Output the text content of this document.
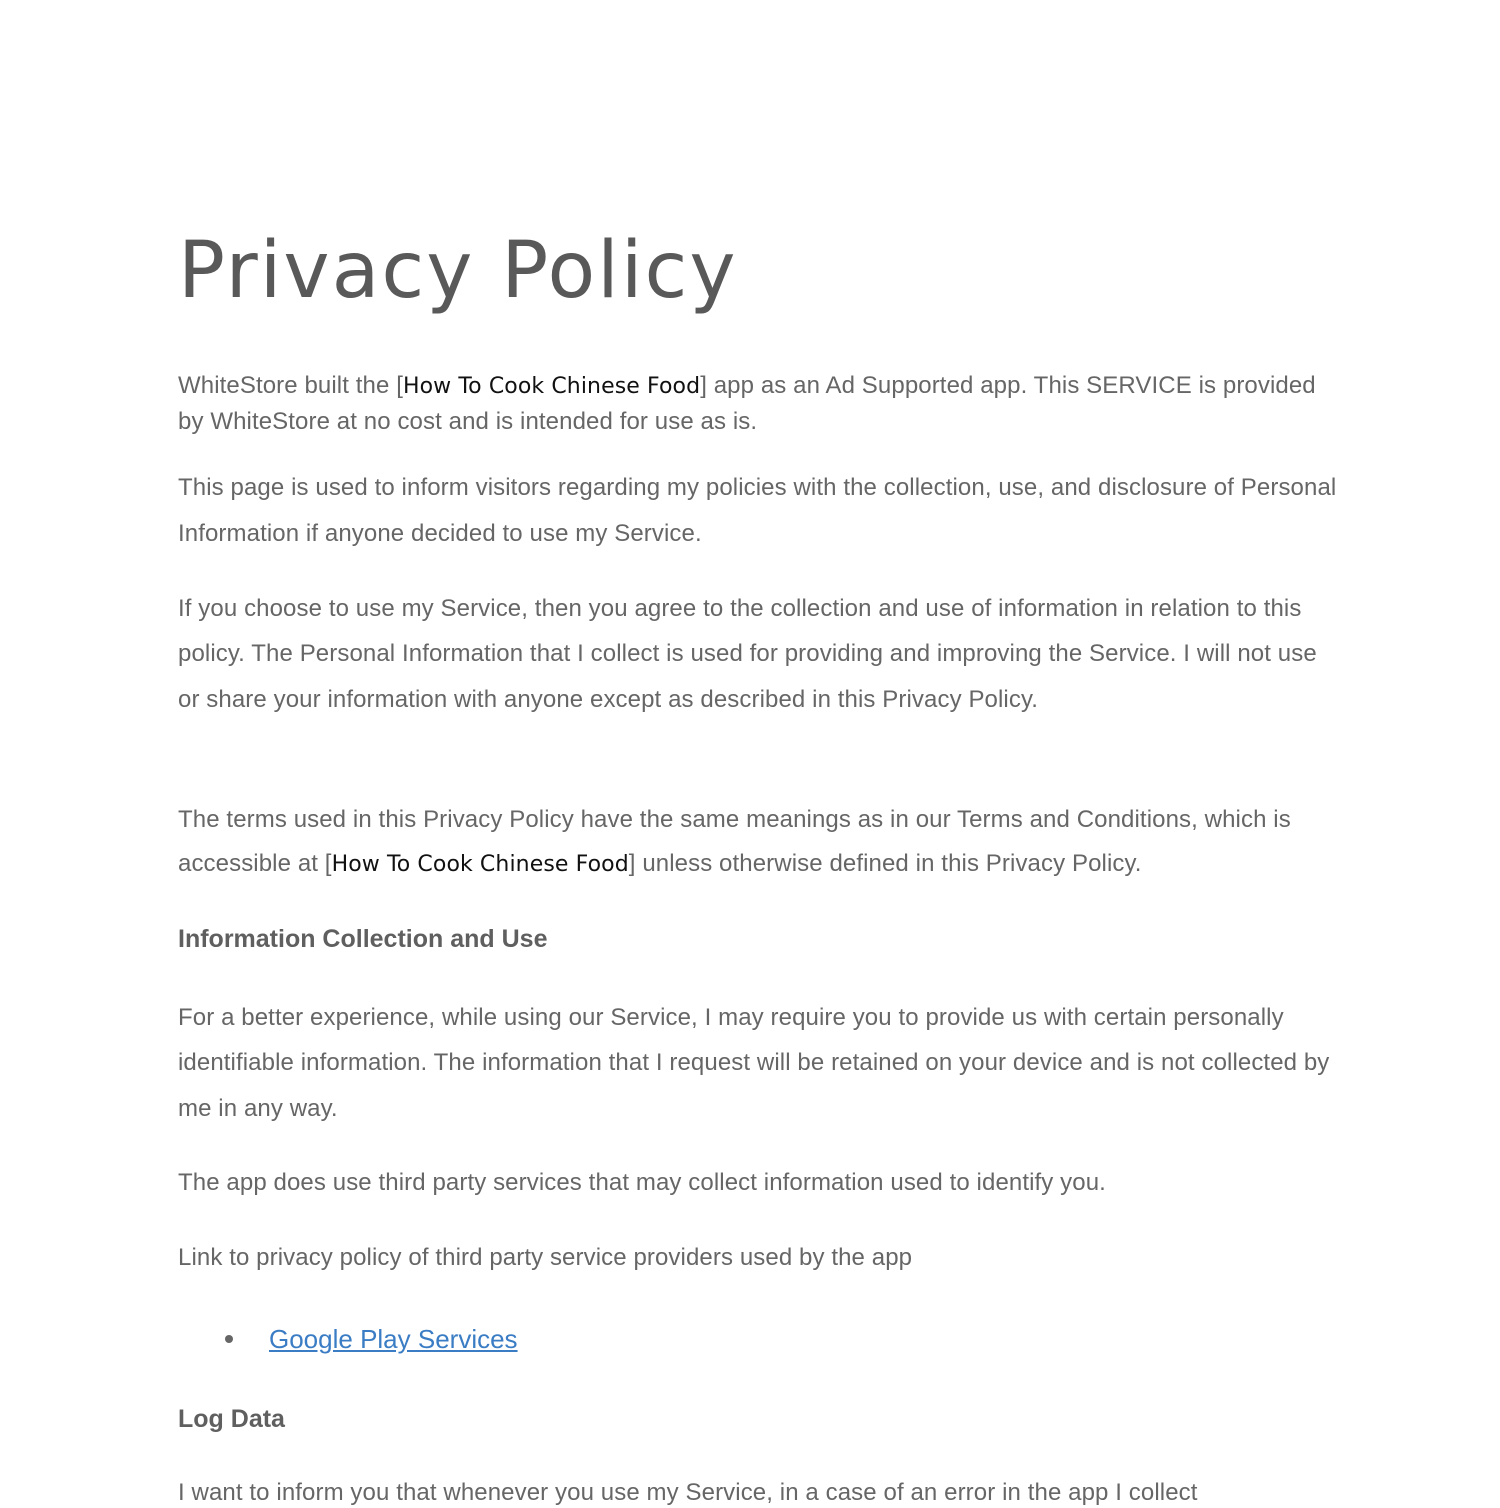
Privacy Policy

WhiteStore built the [How To Cook Chinese Food] app as an Ad Supported app. This SERVICE is provided by WhiteStore at no cost and is intended for use as is.

This page is used to inform visitors regarding my policies with the collection, use, and disclosure of Personal Information if anyone decided to use my Service.

If you choose to use my Service, then you agree to the collection and use of information in relation to this policy. The Personal Information that I collect is used for providing and improving the Service. I will not use or share your information with anyone except as described in this Privacy Policy.

The terms used in this Privacy Policy have the same meanings as in our Terms and Conditions, which is accessible at [How To Cook Chinese Food] unless otherwise defined in this Privacy Policy.

Information Collection and Use

For a better experience, while using our Service, I may require you to provide us with certain personally identifiable information. The information that I request will be retained on your device and is not collected by me in any way.

The app does use third party services that may collect information used to identify you.

Link to privacy policy of third party service providers used by the app

Google Play Services
Log Data

I want to inform you that whenever you use my Service, in a case of an error in the app I collect
